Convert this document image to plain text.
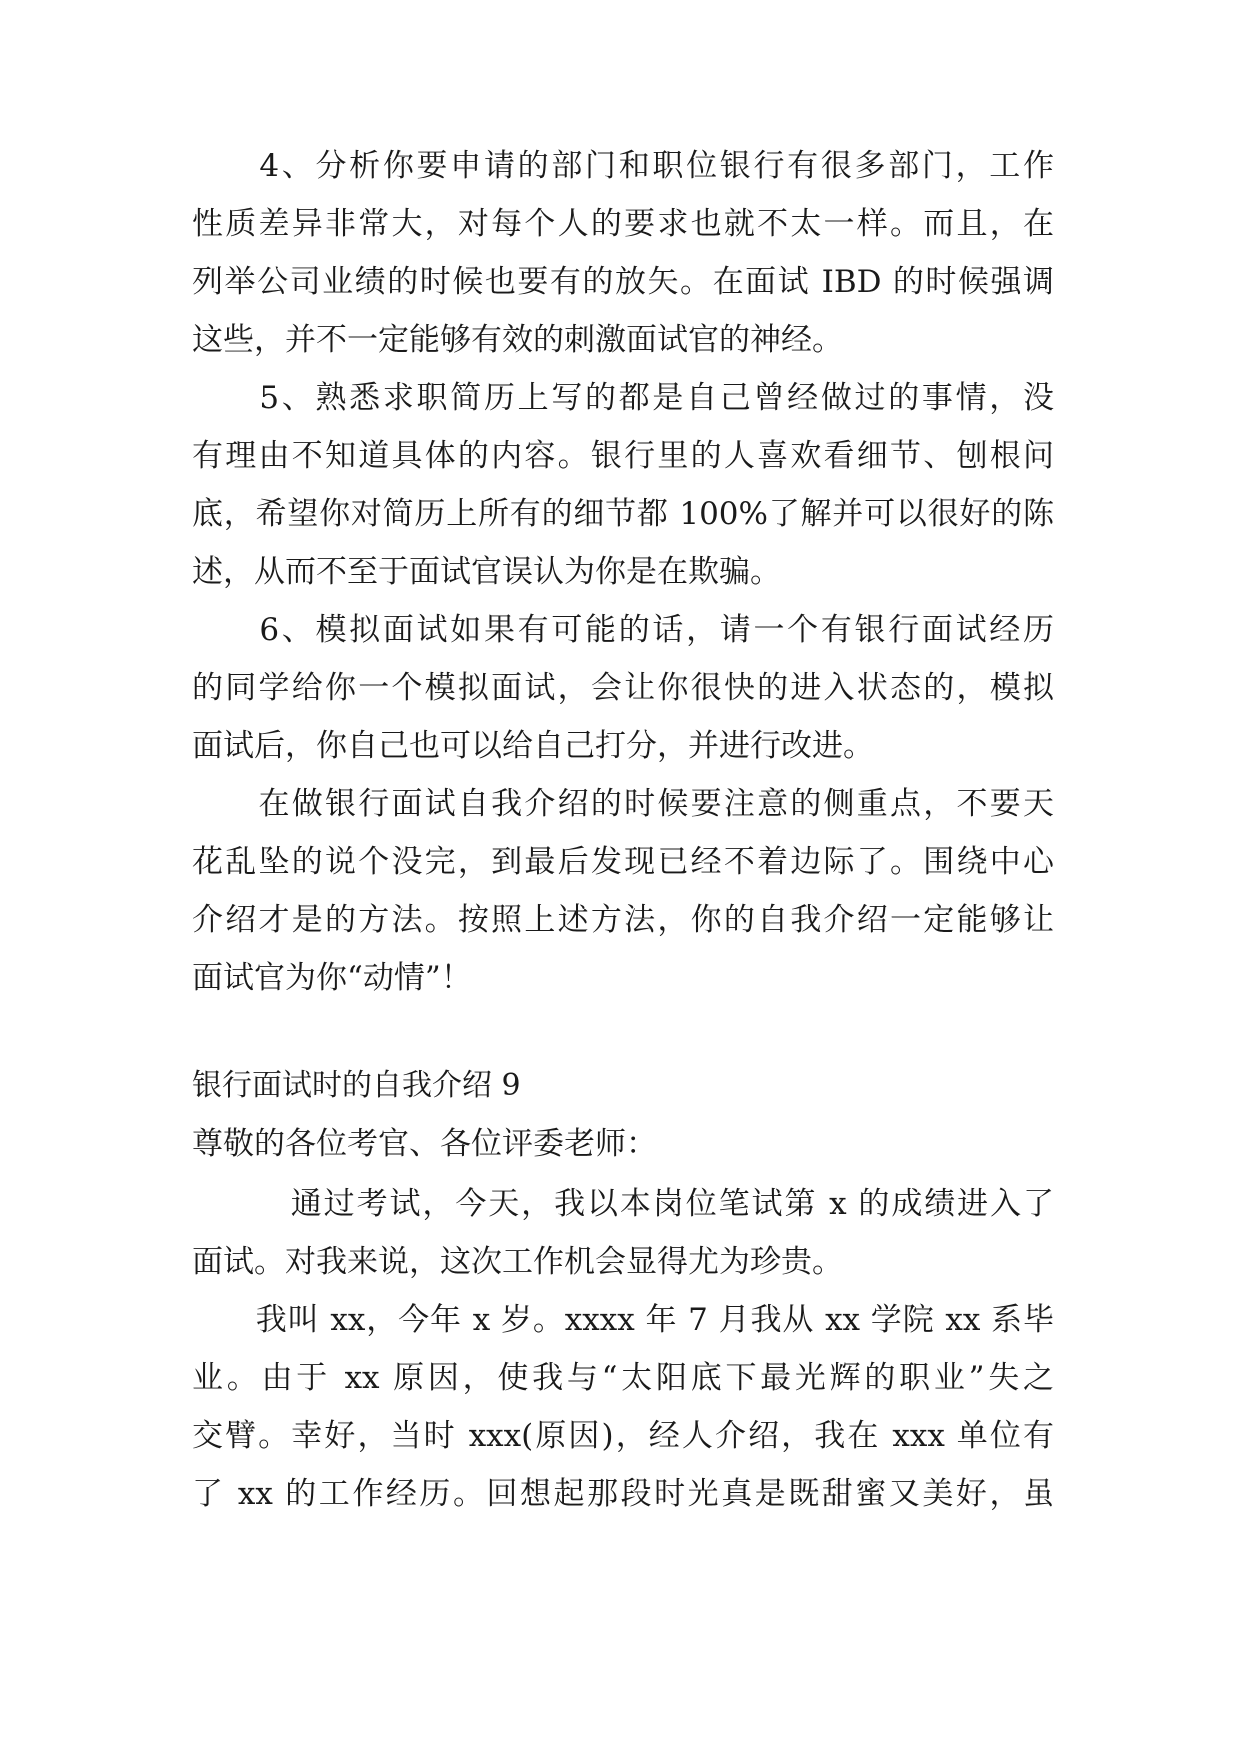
　　4、分析你要申请的部门和职位银行有很多部门，工作
性质差异非常大，对每个人的要求也就不太一样。而且，在
列举公司业绩的时候也要有的放矢。在面试 IBD 的时候强调
这些，并不一定能够有效的刺激面试官的神经。
　　5、熟悉求职简历上写的都是自己曾经做过的事情，没
有理由不知道具体的内容。银行里的人喜欢看细节、刨根问
底，希望你对简历上所有的细节都 100%了解并可以很好的陈
述，从而不至于面试官误认为你是在欺骗。
　　6、模拟面试如果有可能的话，请一个有银行面试经历
的同学给你一个模拟面试，会让你很快的进入状态的，模拟
面试后，你自己也可以给自己打分，并进行改进。
　　在做银行面试自我介绍的时候要注意的侧重点，不要天
花乱坠的说个没完，到最后发现已经不着边际了。围绕中心
介绍才是的方法。按照上述方法，你的自我介绍一定能够让
面试官为你“动情”！
银行面试时的自我介绍 9
尊敬的各位考官、各位评委老师：
　　　通过考试，今天，我以本岗位笔试第 x 的成绩进入了
面试。对我来说，这次工作机会显得尤为珍贵。
　　我叫 xx，今年 x 岁。xxxx 年 7 月我从 xx 学院 xx 系毕
业。由于 xx 原因，使我与“太阳底下最光辉的职业”失之
交臂。幸好，当时 xxx(原因)，经人介绍，我在 xxx 单位有
了 xx 的工作经历。回想起那段时光真是既甜蜜又美好，虽
